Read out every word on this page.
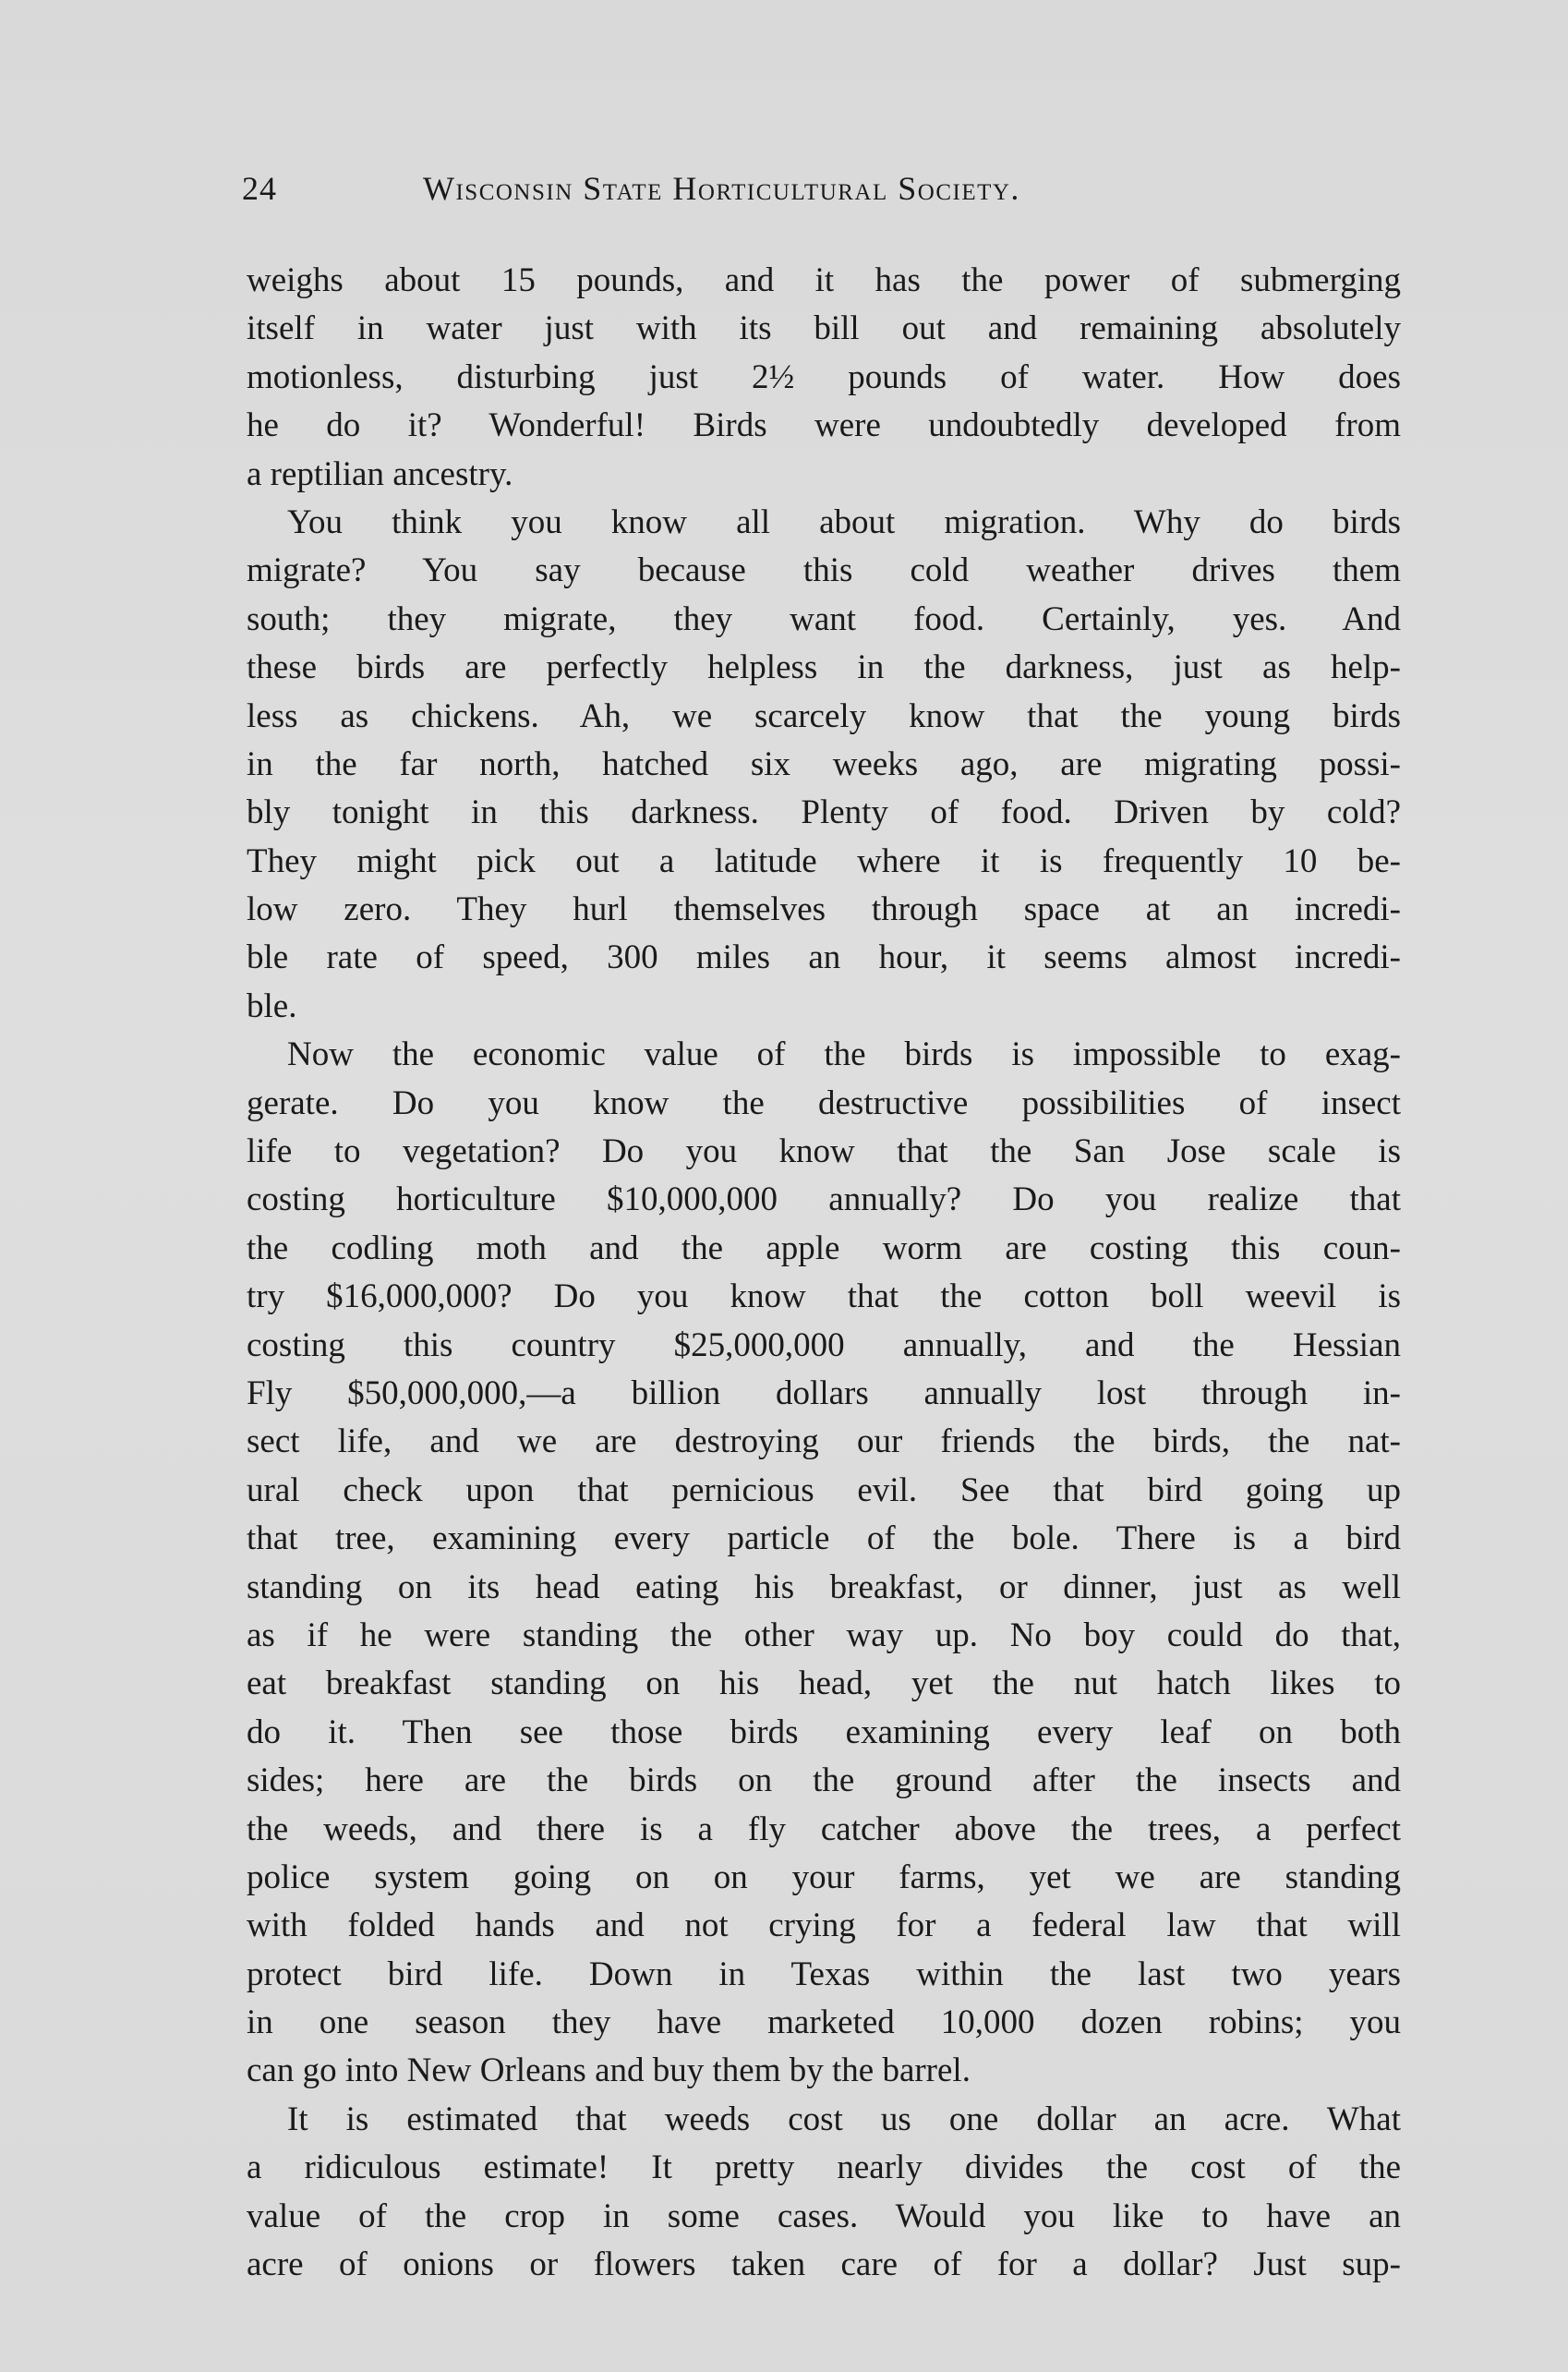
24	Wisconsin State Horticultural Society.
weighs about 15 pounds, and it has the power of submerging
itself in water just with its bill out and remaining absolutely
motionless, disturbing just 2½ pounds of water. How does
he do it? Wonderful! Birds were undoubtedly developed from
a reptilian ancestry.
You think you know all about migration. Why do birds
migrate? You say because this cold weather drives them
south; they migrate, they want food. Certainly, yes. And
these birds are perfectly helpless in the darkness, just as help-
less as chickens. Ah, we scarcely know that the young birds
in the far north, hatched six weeks ago, are migrating possi-
bly tonight in this darkness. Plenty of food. Driven by cold?
They might pick out a latitude where it is frequently 10 be-
low zero. They hurl themselves through space at an incredi-
ble rate of speed, 300 miles an hour, it seems almost incredi-
ble.
Now the economic value of the birds is impossible to exag-
gerate. Do you know the destructive possibilities of insect
life to vegetation? Do you know that the San Jose scale is
costing horticulture $10,000,000 annually? Do you realize that
the codling moth and the apple worm are costing this coun-
try $16,000,000? Do you know that the cotton boll weevil is
costing this country $25,000,000 annually, and the Hessian
Fly $50,000,000,—a billion dollars annually lost through in-
sect life, and we are destroying our friends the birds, the nat-
ural check upon that pernicious evil. See that bird going up
that tree, examining every particle of the bole. There is a bird
standing on its head eating his breakfast, or dinner, just as well
as if he were standing the other way up. No boy could do that,
eat breakfast standing on his head, yet the nut hatch likes to
do it. Then see those birds examining every leaf on both
sides; here are the birds on the ground after the insects and
the weeds, and there is a fly catcher above the trees, a perfect
police system going on on your farms, yet we are standing
with folded hands and not crying for a federal law that will
protect bird life. Down in Texas within the last two years
in one season they have marketed 10,000 dozen robins; you
can go into New Orleans and buy them by the barrel.
It is estimated that weeds cost us one dollar an acre. What
a ridiculous estimate! It pretty nearly divides the cost of the
value of the crop in some cases. Would you like to have an
acre of onions or flowers taken care of for a dollar? Just sup-
